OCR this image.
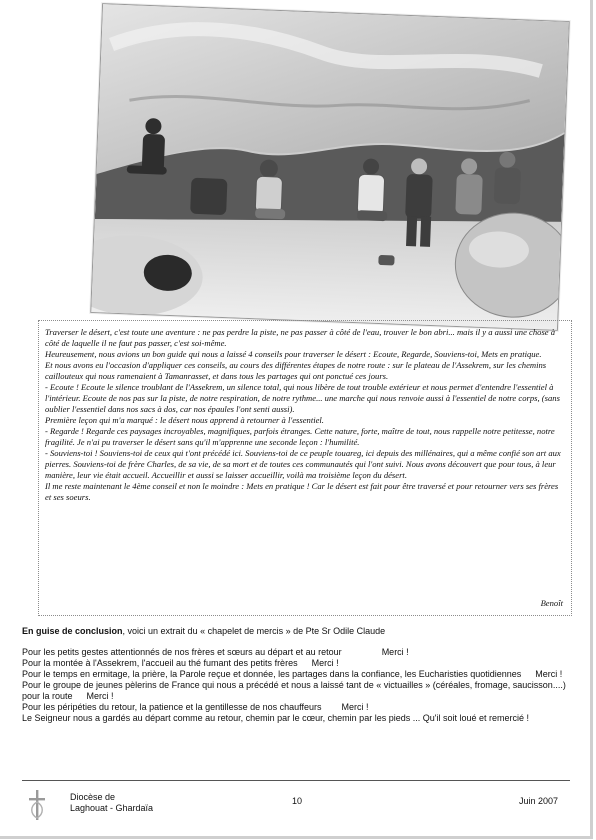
Traverser le désert, c'est toute une aventure : ne pas perdre la piste, ne pas passer à côté de l'eau, trouver le bon abri... mais il y a aussi une chose à côté de laquelle il ne faut pas passer, c'est soi-même.

Heureusement, nous avions un bon guide qui nous a laissé 4 conseils pour traverser le désert : Ecoute, Regarde, Souviens-toi, Mets en pratique.

Et nous avons eu l'occasion d'appliquer ces conseils, au cours des différentes étapes de notre route : sur le plateau de l'Assekrem, sur les chemins caillouteux qui nous ramenaient à Tamanrasset, et dans tous les partages qui ont ponctué ces jours.

- Ecoute ! Ecoute le silence troublant de l'Assekrem, un silence total, qui nous libère de tout trouble extérieur et nous permet d'entendre l'essentiel à l'intérieur. Ecoute de nos pas sur la piste, de notre respiration, de notre rythme... une marche qui nous renvoie aussi à l'essentiel de notre corps, (sans oublier l'essentiel dans nos sacs à dos, car nos épaules l'ont senti aussi).

Première leçon qui m'a marqué : le désert nous apprend à retourner à l'essentiel.

- Regarde ! Regarde ces paysages incroyables, magnifiques, parfois étranges. Cette nature, forte, maître de tout, nous rappelle notre petitesse, notre fragilité. Je n'ai pu traverser le désert sans qu'il m'apprenne une seconde leçon : l'humilité.

- Souviens-toi ! Souviens-toi de ceux qui t'ont précédé ici. Souviens-toi de ce peuple touareg, ici depuis des millénaires, qui a même confié son art aux pierres. Souviens-toi de frère Charles, de sa vie, de sa mort et de toutes ces communautés qui l'ont suivi. Nous avons découvert que pour tous, à leur manière, leur vie était accueil. Accueillir et aussi se laisser accueillir, voilà ma troisième leçon du désert.

Il me reste maintenant le 4ème conseil et non le moindre : Mets en pratique ! Car le désert est fait pour être traversé et pour retourner vers ses frères et ses soeurs.

Benoît

En guise de conclusion, voici un extrait du « chapelet de mercis » de Pte Sr Odile Claude

Pour les petits gestes attentionnés de nos frères et sœurs au départ et au retour	Merci !

Pour la montée à l'Assekrem, l'accueil au thé fumant des petits frères Merci !

Pour le temps en ermitage, la prière, la Parole reçue et donnée, les partages dans la confiance, les Eucharisties quotidiennes Merci !

Pour le groupe de jeunes pèlerins de France qui nous a précédé et nous a laissé tant de « victuailles » (céréales, fromage, saucisson....) pour la route Merci !

Pour les péripéties du retour, la patience et la gentillesse de nos chauffeurs Merci !

Le Seigneur nous a gardés au départ comme au retour, chemin par le cœur, chemin par les pieds ... Qu'il soit loué et remercié !

Diocèse de
Laghouat - Ghardaïa
10	Juin 2007
